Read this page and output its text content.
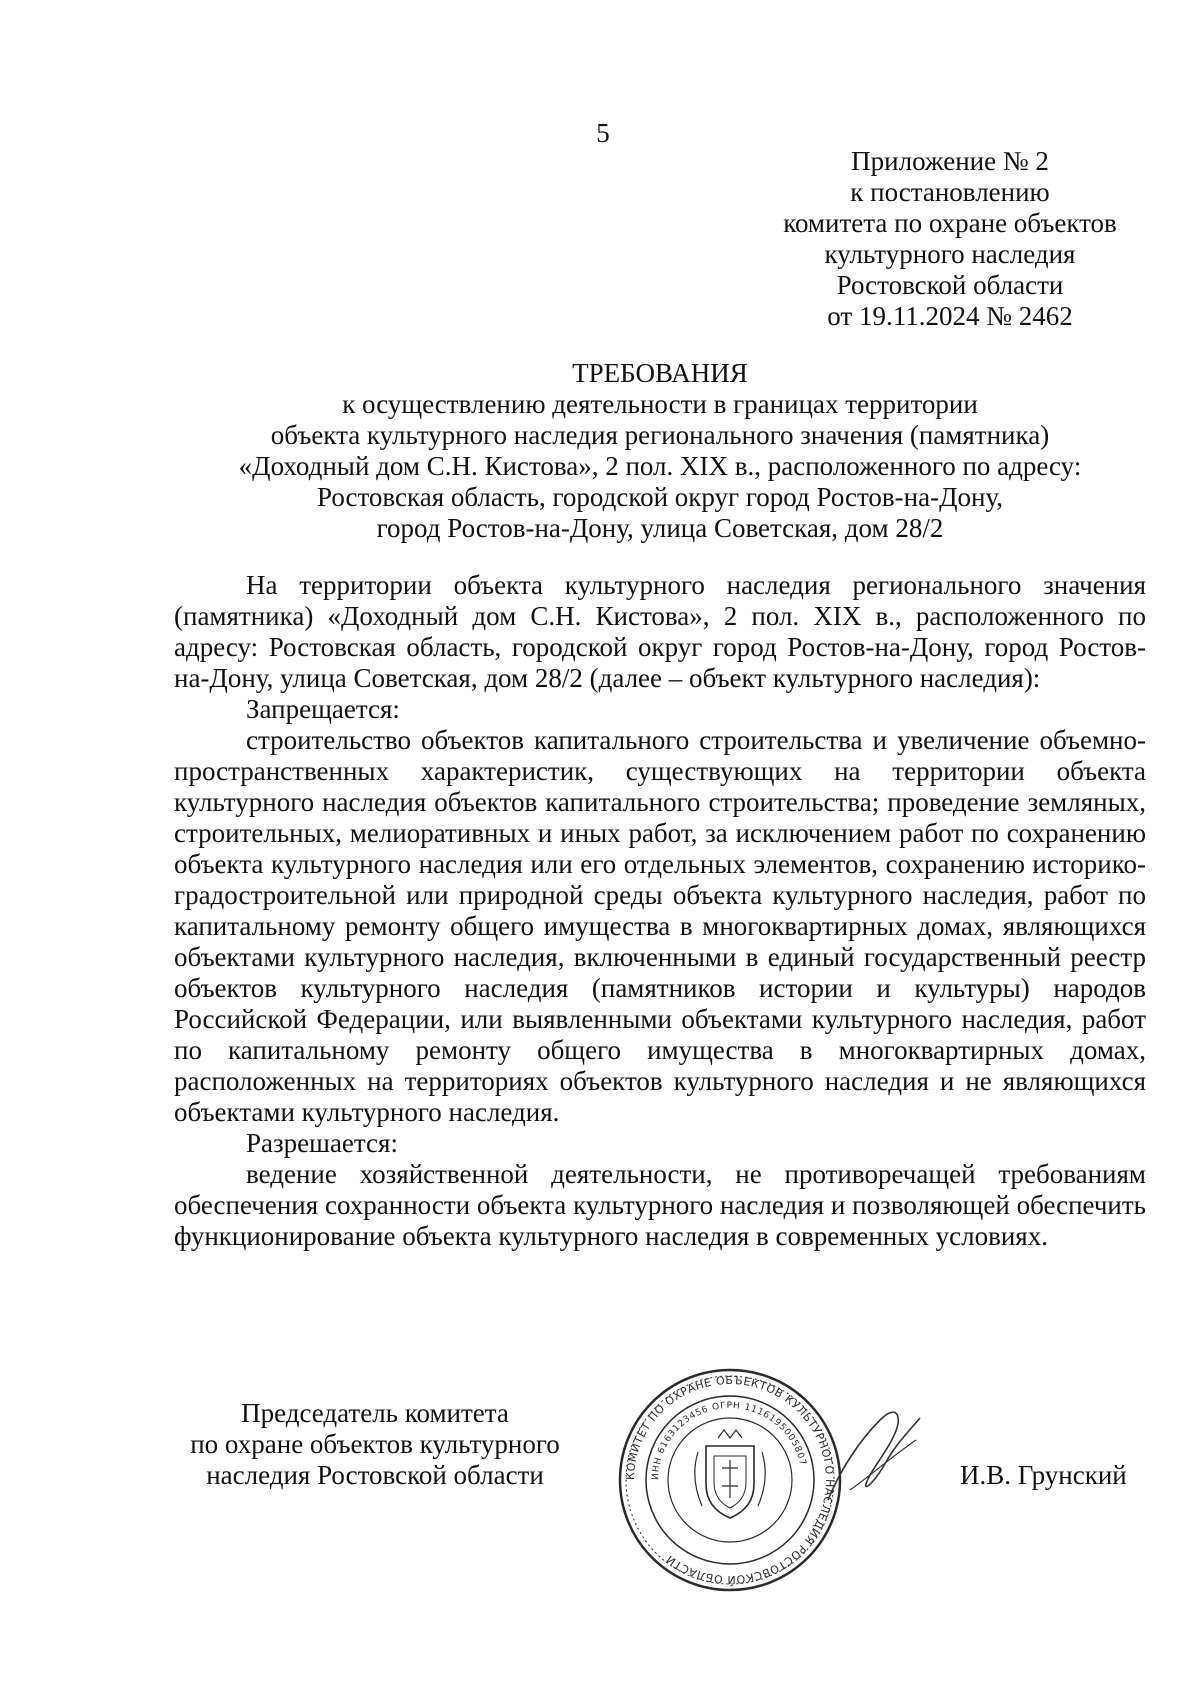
5
Приложение № 2
к постановлению
комитета по охране объектов
культурного наследия
Ростовской области
от 19.11.2024 № 2462
ТРЕБОВАНИЯ
к осуществлению деятельности в границах территории
объекта культурного наследия регионального значения (памятника)
«Доходный дом С.Н. Кистова», 2 пол. XIX в., расположенного по адресу:
Ростовская область, городской округ город Ростов-на-Дону,
город Ростов-на-Дону, улица Советская, дом 28/2

На территории объекта культурного наследия регионального значения (памятника) «Доходный дом С.Н. Кистова», 2 пол. XIX в., расположенного по адресу: Ростовская область, городской округ город Ростов-на-Дону, город Ростов-на-Дону, улица Советская, дом 28/2 (далее – объект культурного наследия):

Запрещается:

строительство объектов капитального строительства и увеличение объемно-пространственных характеристик, существующих на территории объекта культурного наследия объектов капитального строительства; проведение земляных, строительных, мелиоративных и иных работ, за исключением работ по сохранению объекта культурного наследия или его отдельных элементов, сохранению историко-градостроительной или природной среды объекта культурного наследия, работ по капитальному ремонту общего имущества в многоквартирных домах, являющихся объектами культурного наследия, включенными в единый государственный реестр объектов культурного наследия (памятников истории и культуры) народов Российской Федерации, или выявленными объектами культурного наследия, работ по капитальному ремонту общего имущества в многоквартирных домах, расположенных на территориях объектов культурного наследия и не являющихся объектами культурного наследия.

Разрешается:

ведение хозяйственной деятельности, не противоречащей требованиям обеспечения сохранности объекта культурного наследия и позволяющей обеспечить функционирование объекта культурного наследия в современных условиях.

Председатель комитета
по охране объектов культурного
наследия Ростовской области	КОМИТЕТ ПО ОХРАНЕ ОБЪЕКТОВ КУЛЬТУРНОГО НАСЛЕДИЯ РОСТОВСКОЙ ОБЛАСТИ
ИНН 6163123456 ОГРН 1116195005807	И.В. Грунский
